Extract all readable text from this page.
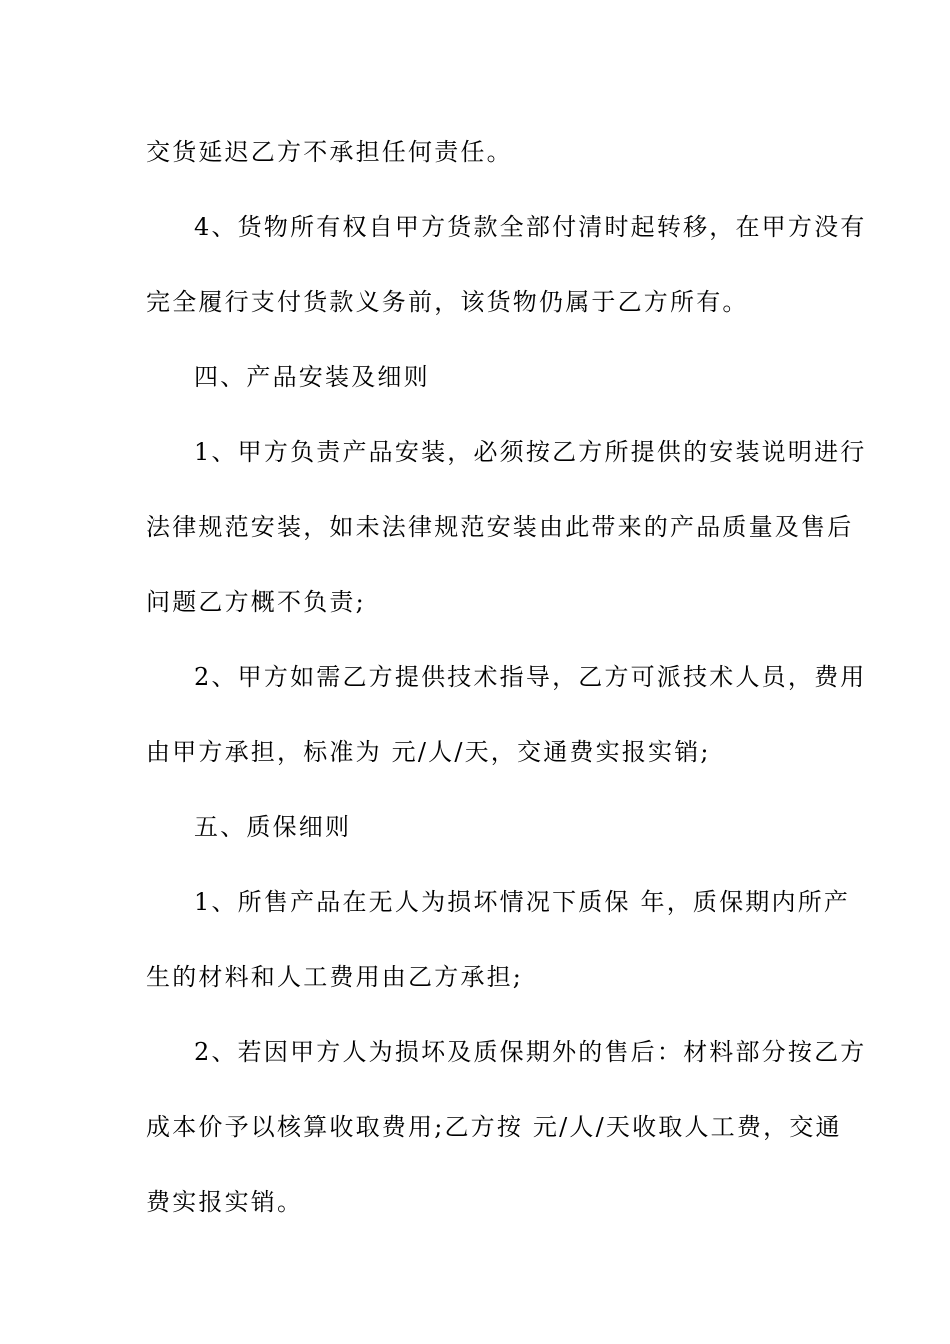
交货延迟乙方不承担任何责任。
4、货物所有权自甲方货款全部付清时起转移，在甲方没有
完全履行支付货款义务前，该货物仍属于乙方所有。
四、产品安装及细则
1、甲方负责产品安装，必须按乙方所提供的安装说明进行
法律规范安装，如未法律规范安装由此带来的产品质量及售后
问题乙方概不负责;
2、甲方如需乙方提供技术指导，乙方可派技术人员，费用
由甲方承担，标准为 元/人/天，交通费实报实销;
五、质保细则
1、所售产品在无人为损坏情况下质保 年，质保期内所产
生的材料和人工费用由乙方承担;
2、若因甲方人为损坏及质保期外的售后：材料部分按乙方
成本价予以核算收取费用;乙方按 元/人/天收取人工费，交通
费实报实销。
